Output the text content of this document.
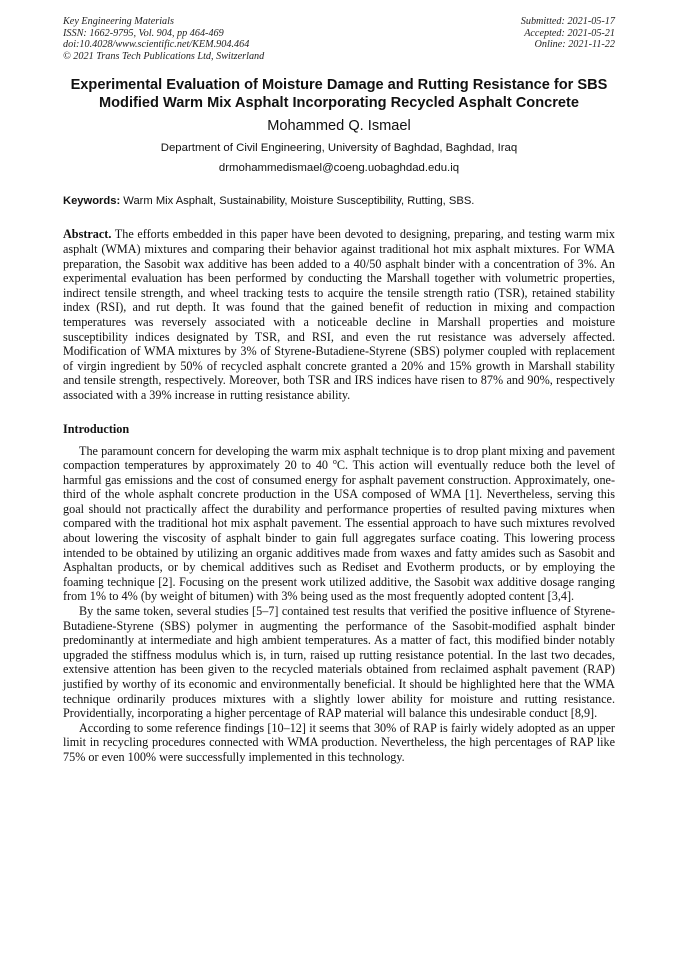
Key Engineering Materials
ISSN: 1662-9795, Vol. 904, pp 464-469
doi:10.4028/www.scientific.net/KEM.904.464
© 2021 Trans Tech Publications Ltd, Switzerland
Submitted: 2021-05-17
Accepted: 2021-05-21
Online: 2021-11-22
Experimental Evaluation of Moisture Damage and Rutting Resistance for SBS Modified Warm Mix Asphalt Incorporating Recycled Asphalt Concrete
Mohammed Q. Ismael
Department of Civil Engineering, University of Baghdad, Baghdad, Iraq
drmohammedismael@coeng.uobaghdad.edu.iq
Keywords: Warm Mix Asphalt, Sustainability, Moisture Susceptibility, Rutting, SBS.
Abstract. The efforts embedded in this paper have been devoted to designing, preparing, and testing warm mix asphalt (WMA) mixtures and comparing their behavior against traditional hot mix asphalt mixtures. For WMA preparation, the Sasobit wax additive has been added to a 40/50 asphalt binder with a concentration of 3%. An experimental evaluation has been performed by conducting the Marshall together with volumetric properties, indirect tensile strength, and wheel tracking tests to acquire the tensile strength ratio (TSR), retained stability index (RSI), and rut depth. It was found that the gained benefit of reduction in mixing and compaction temperatures was reversely associated with a noticeable decline in Marshall properties and moisture susceptibility indices designated by TSR, and RSI, and even the rut resistance was adversely affected. Modification of WMA mixtures by 3% of Styrene-Butadiene-Styrene (SBS) polymer coupled with replacement of virgin ingredient by 50% of recycled asphalt concrete granted a 20% and 15% growth in Marshall stability and tensile strength, respectively. Moreover, both TSR and IRS indices have risen to 87% and 90%, respectively associated with a 39% increase in rutting resistance ability.
Introduction

The paramount concern for developing the warm mix asphalt technique is to drop plant mixing and pavement compaction temperatures by approximately 20 to 40 $^o$C. This action will eventually reduce both the level of harmful gas emissions and the cost of consumed energy for asphalt pavement construction. Approximately, one-third of the whole asphalt concrete production in the USA composed of WMA [1]. Nevertheless, serving this goal should not practically affect the durability and performance properties of resulted paving mixtures when compared with the traditional hot mix asphalt pavement. The essential approach to have such mixtures revolved about lowering the viscosity of asphalt binder to gain full aggregates surface coating. This lowering process intended to be obtained by utilizing an organic additives made from waxes and fatty amides such as Sasobit and Asphaltan products, or by chemical additives such as Rediset and Evotherm products, or by employing the foaming technique [2]. Focusing on the present work utilized additive, the Sasobit wax additive dosage ranging from 1% to 4% (by weight of bitumen) with 3% being used as the most frequently adopted content [3,4].

By the same token, several studies [5–7] contained test results that verified the positive influence of Styrene-Butadiene-Styrene (SBS) polymer in augmenting the performance of the Sasobit-modified asphalt binder predominantly at intermediate and high ambient temperatures. As a matter of fact, this modified binder notably upgraded the stiffness modulus which is, in turn, raised up rutting resistance potential. In the last two decades, extensive attention has been given to the recycled materials obtained from reclaimed asphalt pavement (RAP) justified by worthy of its economic and environmentally beneficial. It should be highlighted here that the WMA technique ordinarily produces mixtures with a slightly lower ability for moisture and rutting resistance. Providentially, incorporating a higher percentage of RAP material will balance this undesirable conduct [8,9].

According to some reference findings [10–12] it seems that 30% of RAP is fairly widely adopted as an upper limit in recycling procedures connected with WMA production. Nevertheless, the high percentages of RAP like 75% or even 100% were successfully implemented in this technology.
